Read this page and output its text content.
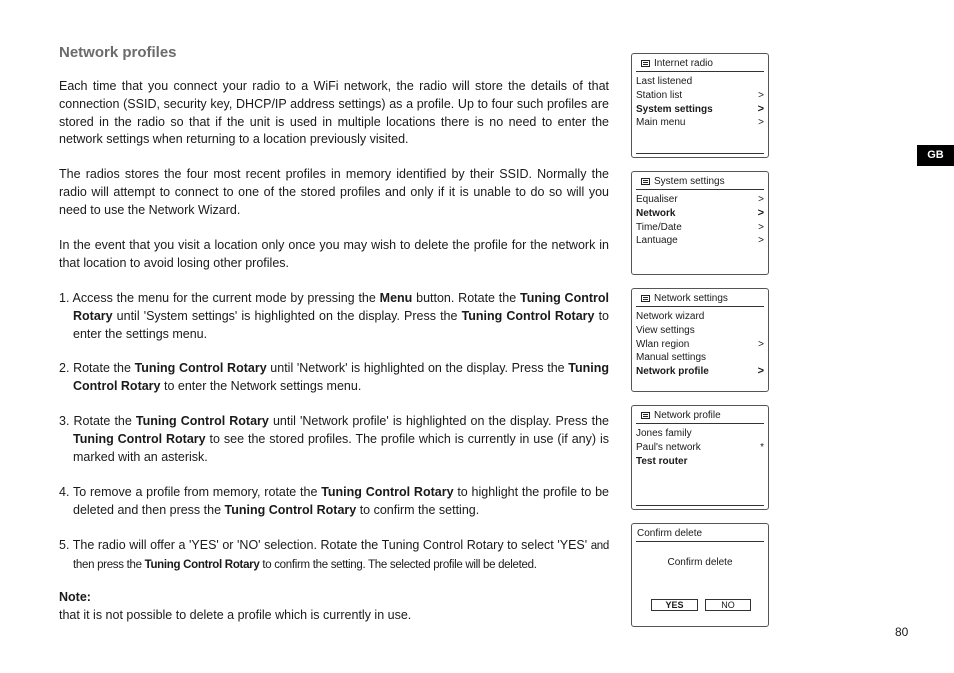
Network profiles

Each time that you connect your radio to a WiFi network, the radio will store the details of that connection (SSID, security key, DHCP/IP address settings) as a profile. Up to four such profiles are stored in the radio so that if the unit is used in multiple locations there is no need to enter the network settings when returning to a location previously visited.

The radios stores the four most recent profiles in memory identified by their SSID. Normally the radio will attempt to connect to one of the stored profiles and only if it is unable to do so will you need to use the Network Wizard.

In the event that you visit a location only once you may wish to delete the profile for the network in that location to avoid losing other profiles.

1. Access the menu for the current mode by pressing the Menu button. Rotate the Tuning Control Rotary until 'System settings' is highlighted on the display. Press the Tuning Control Rotary to enter the settings menu.
2. Rotate the Tuning Control Rotary until 'Network' is highlighted on the display. Press the Tuning Control Rotary to enter the Network settings menu.
3. Rotate the Tuning Control Rotary until 'Network profile' is highlighted on the display. Press the Tuning Control Rotary to see the stored profiles. The profile which is currently in use (if any) is marked with an asterisk.
4. To remove a profile from memory, rotate the Tuning Control Rotary to highlight the profile to be deleted and then press the Tuning Control Rotary to confirm the setting.
5. The radio will offer a 'YES' or 'NO' selection. Rotate the Tuning Control Rotary to select 'YES' and then press the Tuning Control Rotary to confirm the setting. The selected profile will be deleted.
Note:
that it is not possible to delete a profile which is currently in use.
GB
80
Internet radio
Last listened
Station list	>
System settings	>
Main menu	>
System settings
Equaliser	>
Network	>
Time/Date	>
Lantuage	>
Network settings
Network wizard
View settings
Wlan region	>
Manual settings
Network profile	>
Network profile
Jones family
Paul's network	*
Test router
Confirm delete
Confirm delete
YES	NO
